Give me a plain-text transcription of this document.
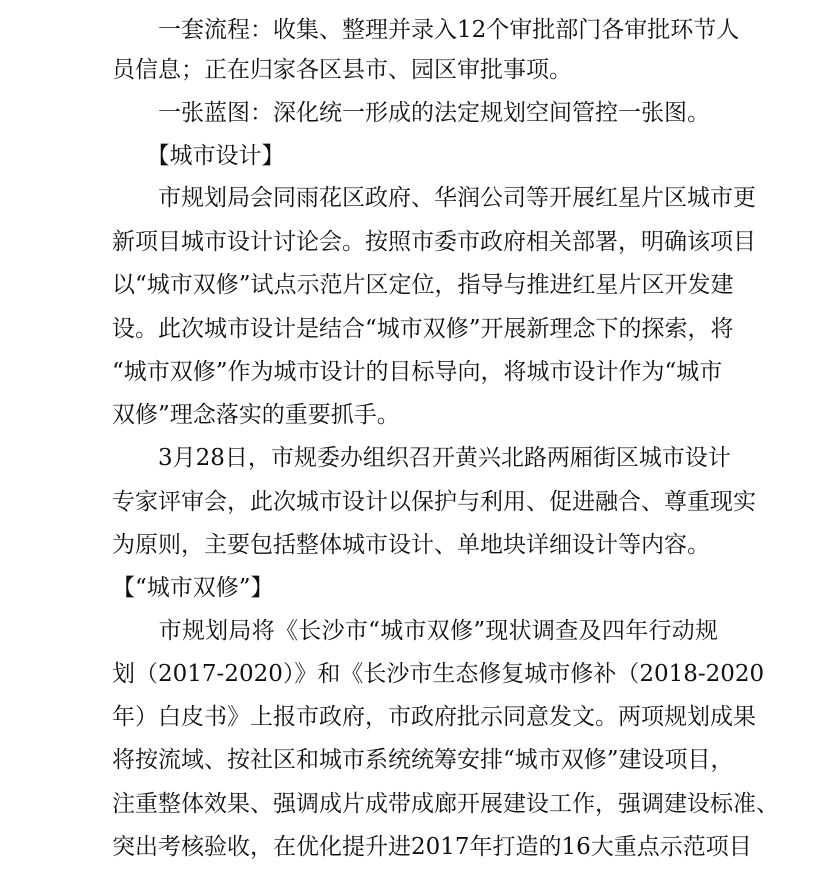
　　一套流程：收集、整理并录入12个审批部门各审批环节人
员信息；正在归家各区县市、园区审批事项。
　　一张蓝图：深化统一形成的法定规划空间管控一张图。
　　【城市设计】
　　市规划局会同雨花区政府、华润公司等开展红星片区城市更
新项目城市设计讨论会。按照市委市政府相关部署，明确该项目
以“城市双修”试点示范片区定位，指导与推进红星片区开发建
设。此次城市设计是结合“城市双修”开展新理念下的探索，将
“城市双修”作为城市设计的目标导向，将城市设计作为“城市
双修”理念落实的重要抓手。
　　3月28日，市规委办组织召开黄兴北路两厢街区城市设计
专家评审会，此次城市设计以保护与利用、促进融合、尊重现实
为原则，主要包括整体城市设计、单地块详细设计等内容。
【“城市双修”】
　　市规划局将《长沙市“城市双修”现状调查及四年行动规
划（2017-2020）》和《长沙市生态修复城市修补（2018-2020
年）白皮书》上报市政府，市政府批示同意发文。两项规划成果
将按流域、按社区和城市系统统筹安排“城市双修”建设项目，
注重整体效果、强调成片成带成廊开展建设工作，强调建设标准、
突出考核验收，在优化提升进2017年打造的16大重点示范项目
